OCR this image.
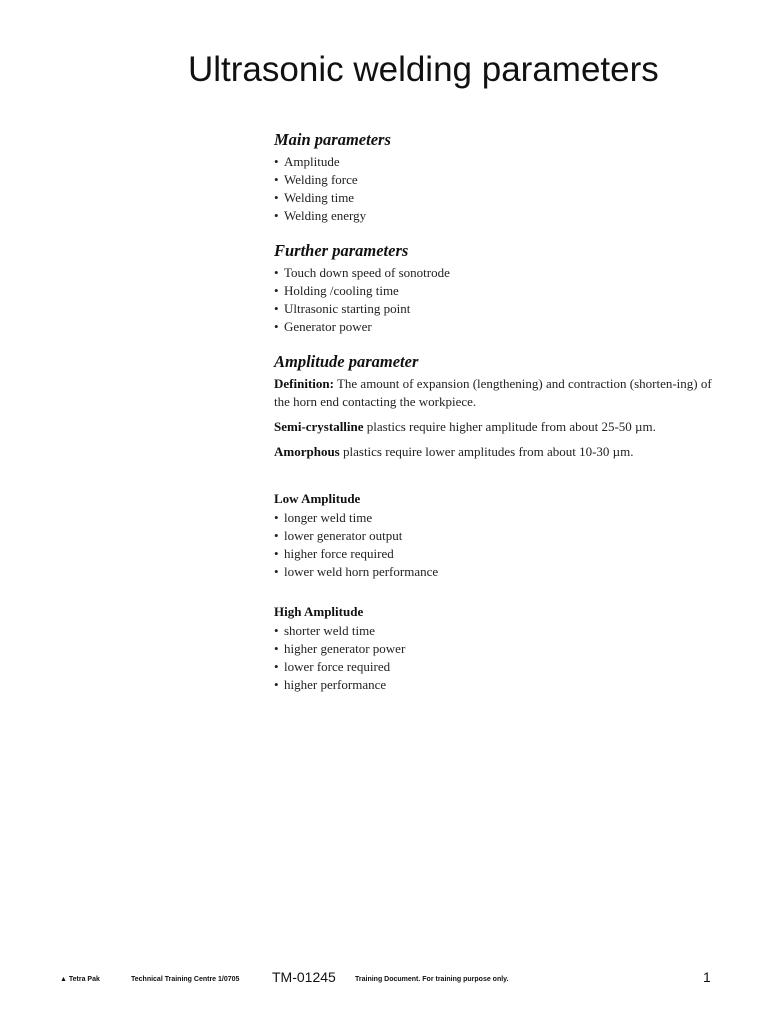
Ultrasonic welding parameters
Main parameters
• Amplitude
• Welding force
• Welding time
• Welding energy
Further parameters
• Touch down speed of sonotrode
• Holding /cooling time
• Ultrasonic starting point
• Generator power
Amplitude parameter

Definition: The amount of expansion (lengthening) and contraction (shorten-ing) of the horn end contacting the workpiece.

Semi-crystalline plastics require higher amplitude from about 25-50 µm.

Amorphous plastics require lower amplitudes from about 10-30 µm.

Low Amplitude
• longer weld time
• lower generator output
• higher force required
• lower weld horn performance
High Amplitude
• shorter weld time
• higher generator power
• lower force required
• higher performance
▲ Tetra Pak	Technical Training Centre 1/0705 TM-01245	Training Document. For training purpose only.	1
